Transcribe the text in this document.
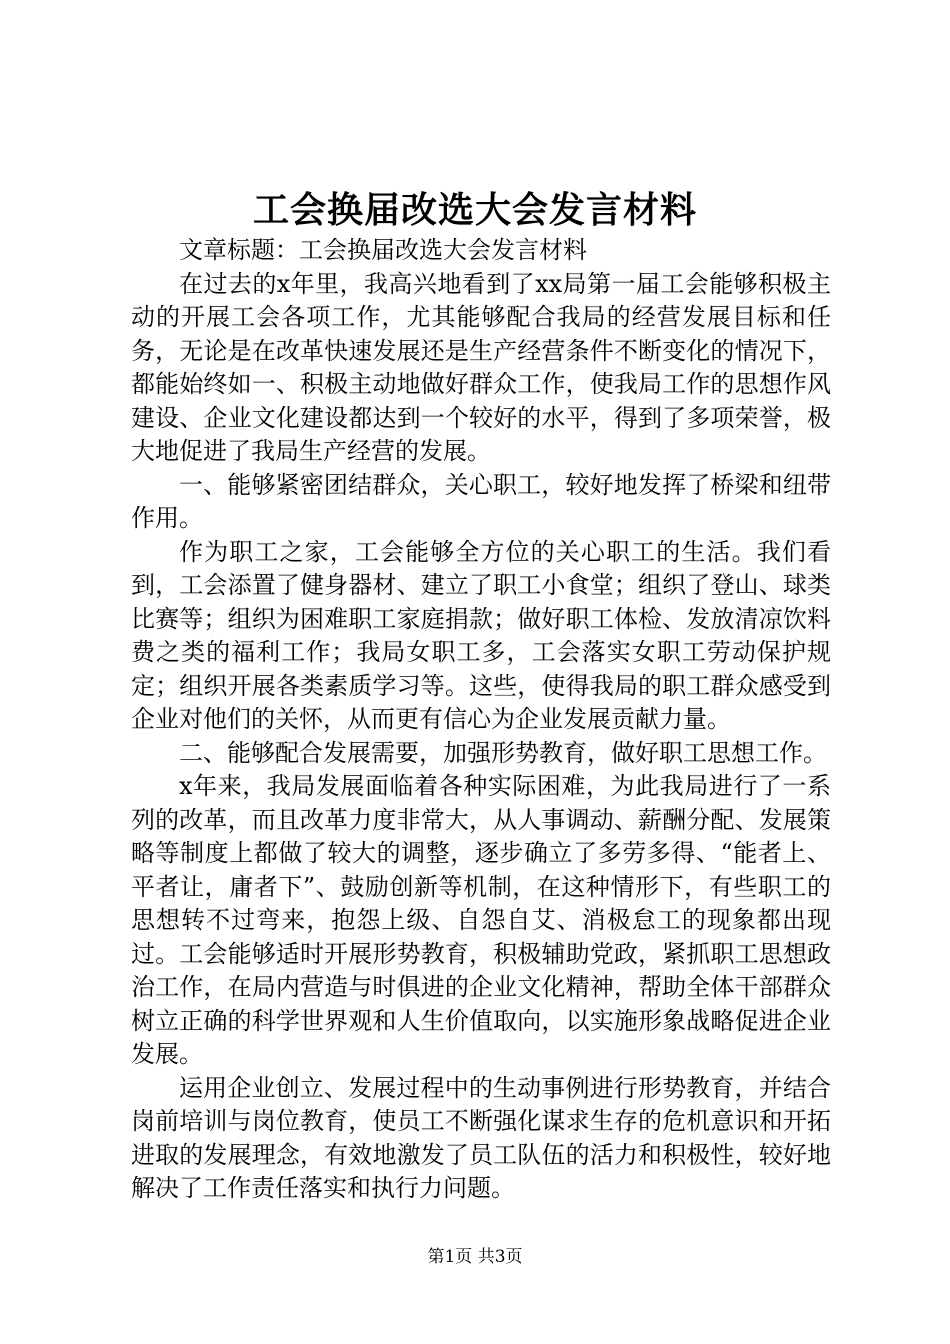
工会换届改选大会发言材料

文章标题：工会换届改选大会发言材料

在过去的x年里，我高兴地看到了xx局第一届工会能够积极主动的开展工会各项工作，尤其能够配合我局的经营发展目标和任务，无论是在改革快速发展还是生产经营条件不断变化的情况下，都能始终如一、积极主动地做好群众工作，使我局工作的思想作风建设、企业文化建设都达到一个较好的水平，得到了多项荣誉，极大地促进了我局生产经营的发展。

一、能够紧密团结群众，关心职工，较好地发挥了桥梁和纽带作用。

作为职工之家，工会能够全方位的关心职工的生活。我们看到，工会添置了健身器材、建立了职工小食堂；组织了登山、球类比赛等；组织为困难职工家庭捐款；做好职工体检、发放清凉饮料费之类的福利工作；我局女职工多，工会落实女职工劳动保护规定；组织开展各类素质学习等。这些，使得我局的职工群众感受到企业对他们的关怀，从而更有信心为企业发展贡献力量。

二、能够配合发展需要，加强形势教育，做好职工思想工作。

x年来，我局发展面临着各种实际困难，为此我局进行了一系列的改革，而且改革力度非常大，从人事调动、薪酬分配、发展策略等制度上都做了较大的调整，逐步确立了多劳多得、“能者上、平者让，庸者下”、鼓励创新等机制，在这种情形下，有些职工的思想转不过弯来，抱怨上级、自怨自艾、消极怠工的现象都出现过。工会能够适时开展形势教育，积极辅助党政，紧抓职工思想政治工作，在局内营造与时俱进的企业文化精神，帮助全体干部群众树立正确的科学世界观和人生价值取向，以实施形象战略促进企业发展。

运用企业创立、发展过程中的生动事例进行形势教育，并结合岗前培训与岗位教育，使员工不断强化谋求生存的危机意识和开拓进取的发展理念，有效地激发了员工队伍的活力和积极性，较好地解决了工作责任落实和执行力问题。

第1页 共3页
